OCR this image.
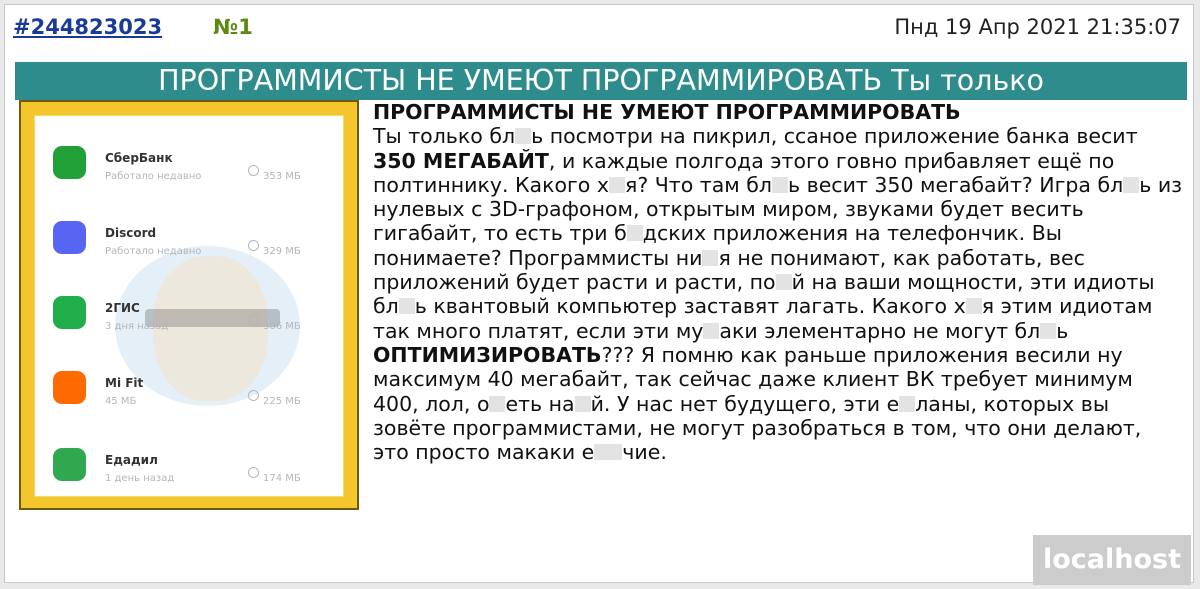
#244823023 №1	Пнд 19 Апр 2021 21:35:07
ПРОГРАММИСТЫ НЕ УМЕЮТ ПРОГРАММИРОВАТЬ Ты только
СберБанк
Работало недавно	353 МБ
Discord
Работало недавно	329 МБ
2ГИС
3 дня назад	306 МБ
Mi Fit
45 МБ	225 МБ
Едадил
1 день назад	174 МБ
ПРОГРАММИСТЫ НЕ УМЕЮТ ПРОГРАММИРОВАТЬ
Ты только бл ь посмотри на пикрил, ссаное приложение банка весит 350 МЕГАБАЙТ, и каждые полгода этого говно прибавляет ещё по полтиннику. Какого х я? Что там бл ь весит 350 мегабайт? Игра бл ь из нулевых с 3D-графоном, открытым миром, звуками будет весить гигабайт, то есть три б дских приложения на телефончик. Вы понимаете? Программисты ни я не понимают, как работать, вес приложений будет расти и расти, по й на ваши мощности, эти идиоты бл ь квантовый компьютер заставят лагать. Какого х я этим идиотам так много платят, если эти му аки элементарно не могут бл ь ОПТИМИЗИРОВАТЬ??? Я помню как раньше приложения весили ну максимум 40 мегабайт, так сейчас даже клиент ВК требует минимум 400, лол, о еть на й. У нас нет будущего, эти е ланы, которых вы зовёте программистами, не могут разобраться в том, что они делают, это просто макаки е чие.
localhost
